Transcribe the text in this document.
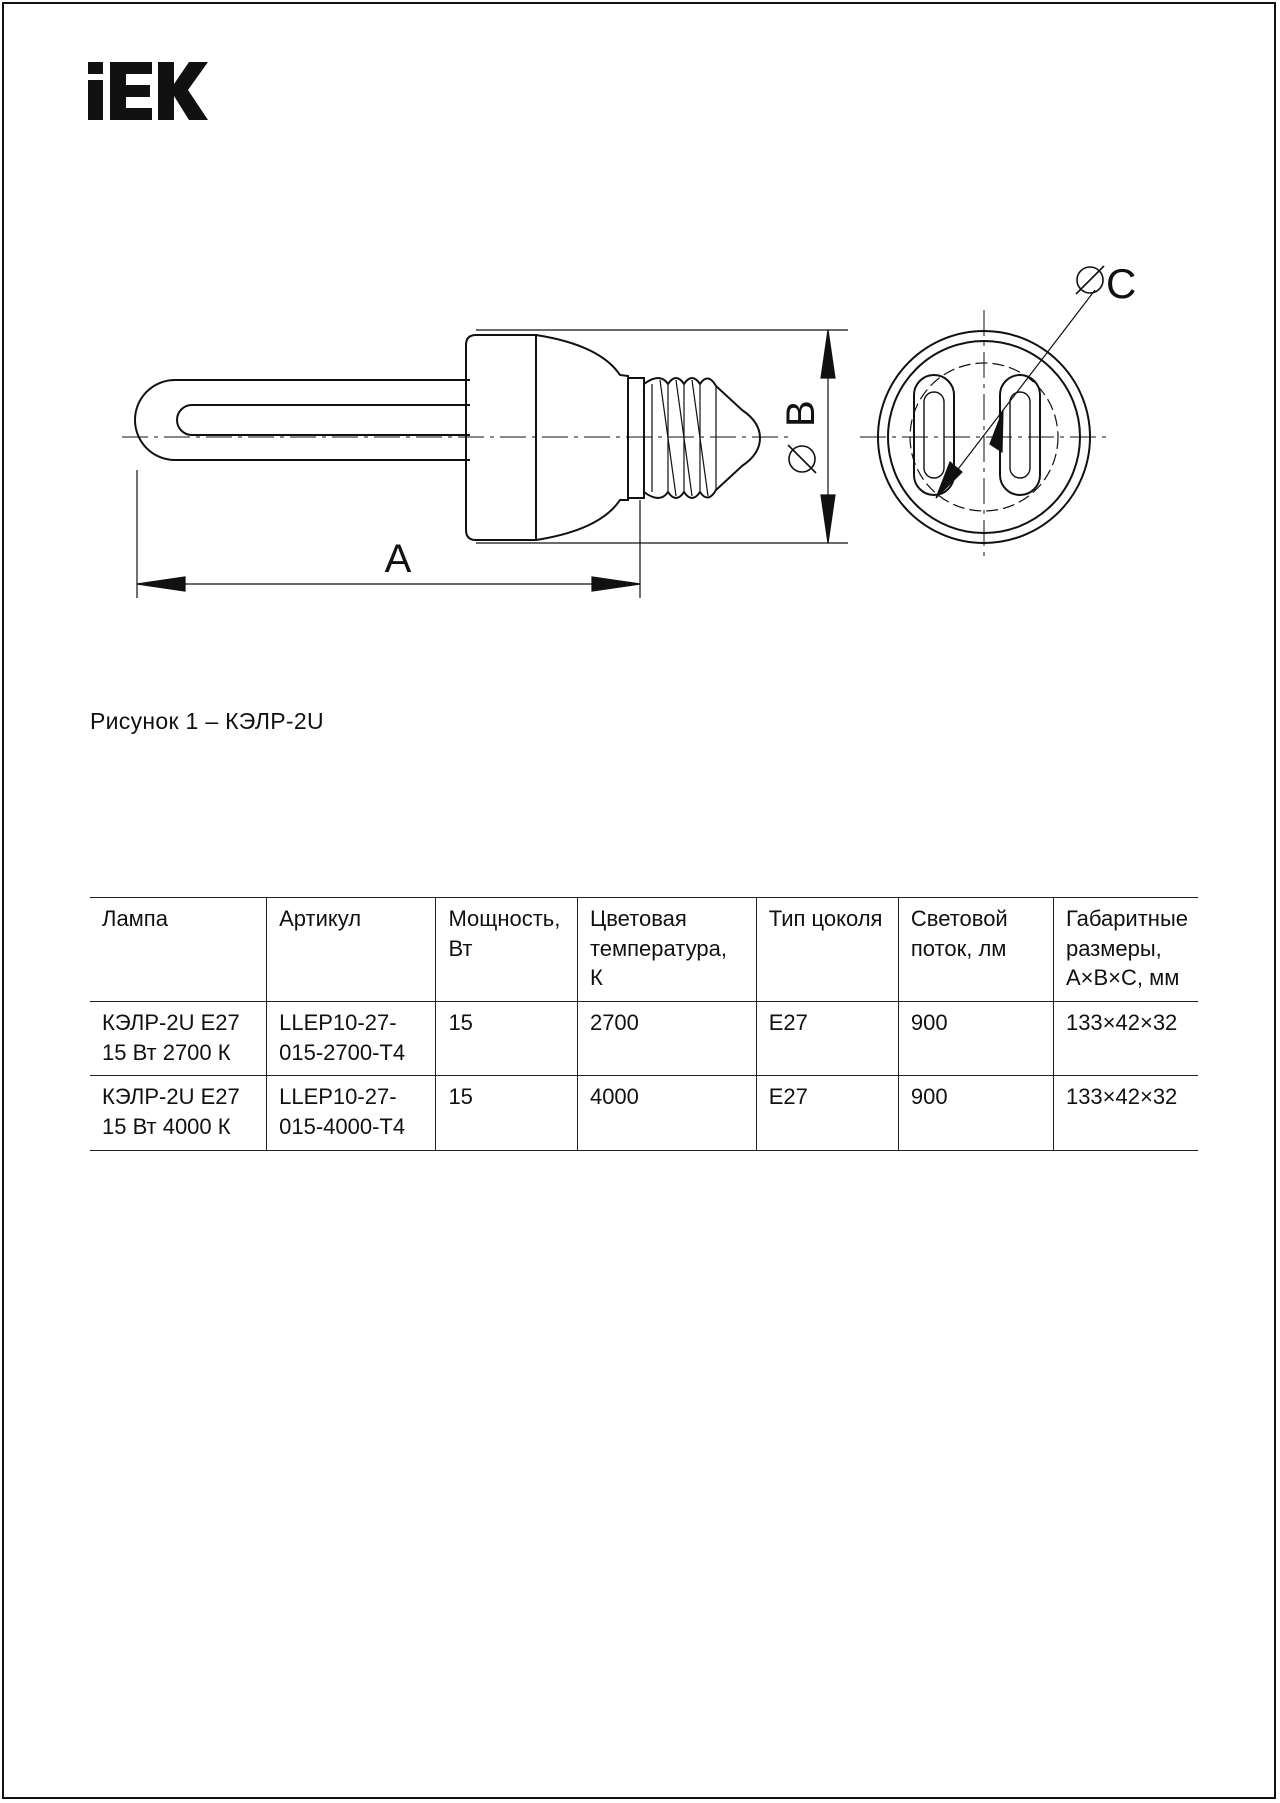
A
B
C
Рисунок 1 – КЭЛР-2U
Лампа	Артикул	Мощность, Вт	Цветовая температура, К	Тип цоколя	Световой поток, лм	Габаритные размеры, A×B×C, мм
КЭЛР-2U E27 15 Вт 2700 К	LLEP10-27-015-2700-T4	15	2700	E27	900	133×42×32
КЭЛР-2U E27 15 Вт 4000 К	LLEP10-27-015-4000-T4	15	4000	E27	900	133×42×32
